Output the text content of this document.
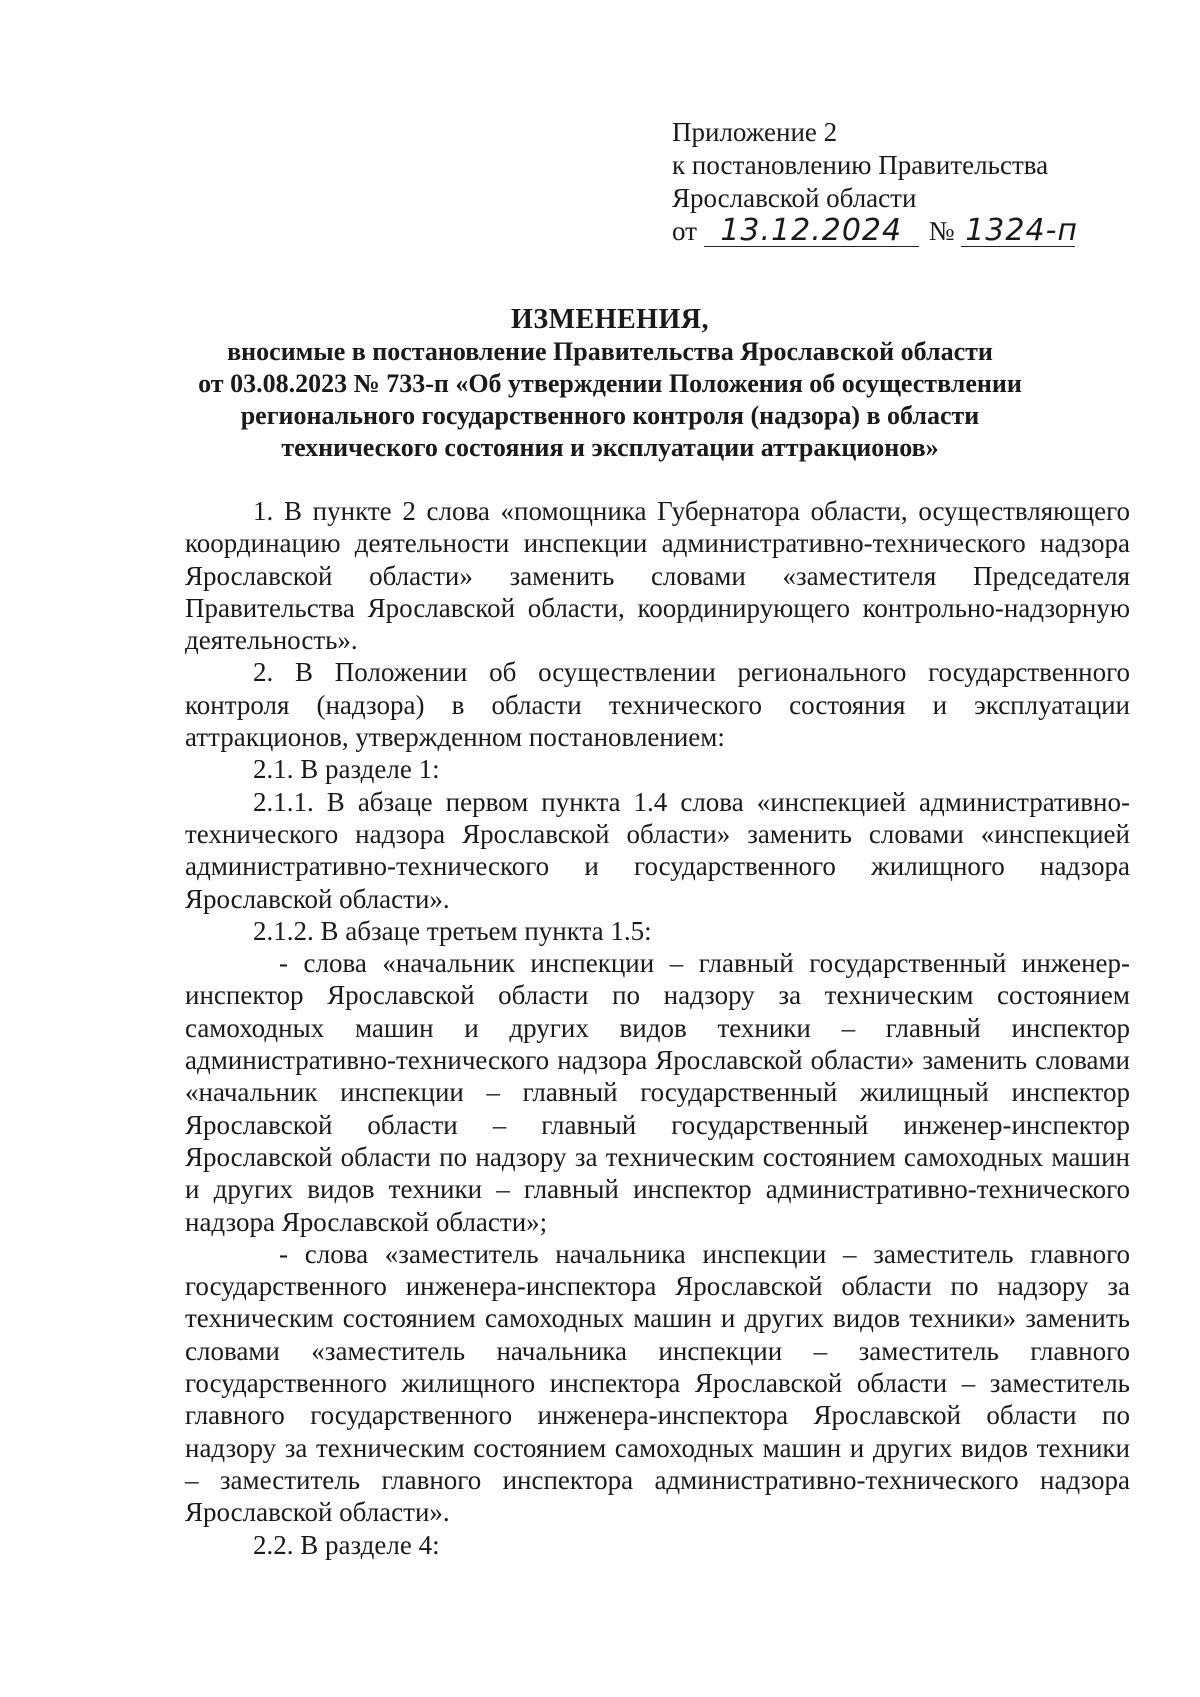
Приложение 2
к постановлению Правительства
Ярославской области
от 13.12.2024 № 1324-п
ИЗМЕНЕНИЯ,
вносимые в постановление Правительства Ярославской области
от 03.08.2023 № 733-п «Об утверждении Положения об осуществлении
регионального государственного контроля (надзора) в области
технического состояния и эксплуатации аттракционов»

1. В пункте 2 слова «помощника Губернатора области, осуществляющего координацию деятельности инспекции административно-технического надзора Ярославской области» заменить словами «заместителя Председателя Правительства Ярославской области, координирующего контрольно-надзорную деятельность».

2. В Положении об осуществлении регионального государственного контроля (надзора) в области технического состояния и эксплуатации аттракционов, утвержденном постановлением:

2.1. В разделе 1:

2.1.1. В абзаце первом пункта 1.4 слова «инспекцией административно-технического надзора Ярославской области» заменить словами «инспекцией административно-технического и государственного жилищного надзора Ярославской области».

2.1.2. В абзаце третьем пункта 1.5:

- слова «начальник инспекции – главный государственный инженер-инспектор Ярославской области по надзору за техническим состоянием самоходных машин и других видов техники – главный инспектор административно-технического надзора Ярославской области» заменить словами «начальник инспекции – главный государственный жилищный инспектор Ярославской области – главный государственный инженер-инспектор Ярославской области по надзору за техническим состоянием самоходных машин и других видов техники – главный инспектор административно-технического надзора Ярославской области»;

- слова «заместитель начальника инспекции – заместитель главного государственного инженера-инспектора Ярославской области по надзору за техническим состоянием самоходных машин и других видов техники» заменить словами «заместитель начальника инспекции – заместитель главного государственного жилищного инспектора Ярославской области – заместитель главного государственного инженера-инспектора Ярославской области по надзору за техническим состоянием самоходных машин и других видов техники – заместитель главного инспектора административно-технического надзора Ярославской области».

2.2. В разделе 4:
